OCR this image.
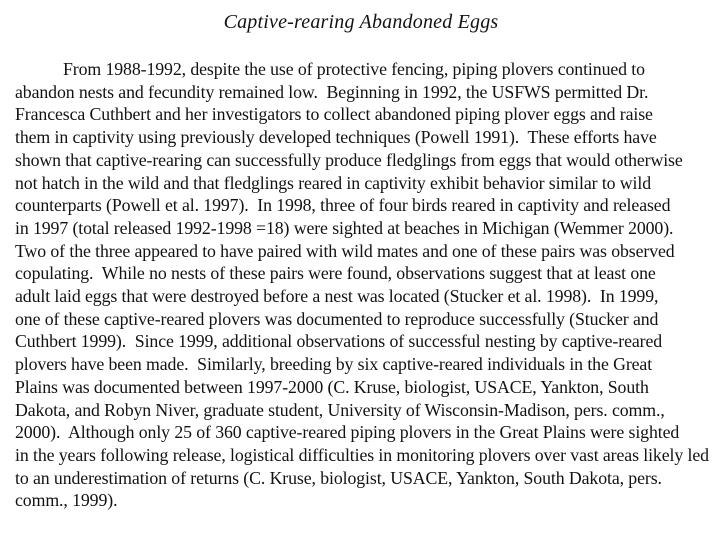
Captive-rearing Abandoned Eggs
From 1988-1992, despite the use of protective fencing, piping plovers continued to
abandon nests and fecundity remained low.  Beginning in 1992, the USFWS permitted Dr.
Francesca Cuthbert and her investigators to collect abandoned piping plover eggs and raise
them in captivity using previously developed techniques (Powell 1991).  These efforts have
shown that captive-rearing can successfully produce fledglings from eggs that would otherwise
not hatch in the wild and that fledglings reared in captivity exhibit behavior similar to wild
counterparts (Powell et al. 1997).  In 1998, three of four birds reared in captivity and released
in 1997 (total released 1992-1998 =18) were sighted at beaches in Michigan (Wemmer 2000).
Two of the three appeared to have paired with wild mates and one of these pairs was observed
copulating.  While no nests of these pairs were found, observations suggest that at least one
adult laid eggs that were destroyed before a nest was located (Stucker et al. 1998).  In 1999,
one of these captive-reared plovers was documented to reproduce successfully (Stucker and
Cuthbert 1999).  Since 1999, additional observations of successful nesting by captive-reared
plovers have been made.  Similarly, breeding by six captive-reared individuals in the Great
Plains was documented between 1997-2000 (C. Kruse, biologist, USACE, Yankton, South
Dakota, and Robyn Niver, graduate student, University of Wisconsin-Madison, pers. comm.,
2000).  Although only 25 of 360 captive-reared piping plovers in the Great Plains were sighted
in the years following release, logistical difficulties in monitoring plovers over vast areas likely led
to an underestimation of returns (C. Kruse, biologist, USACE, Yankton, South Dakota, pers.
comm., 1999).
